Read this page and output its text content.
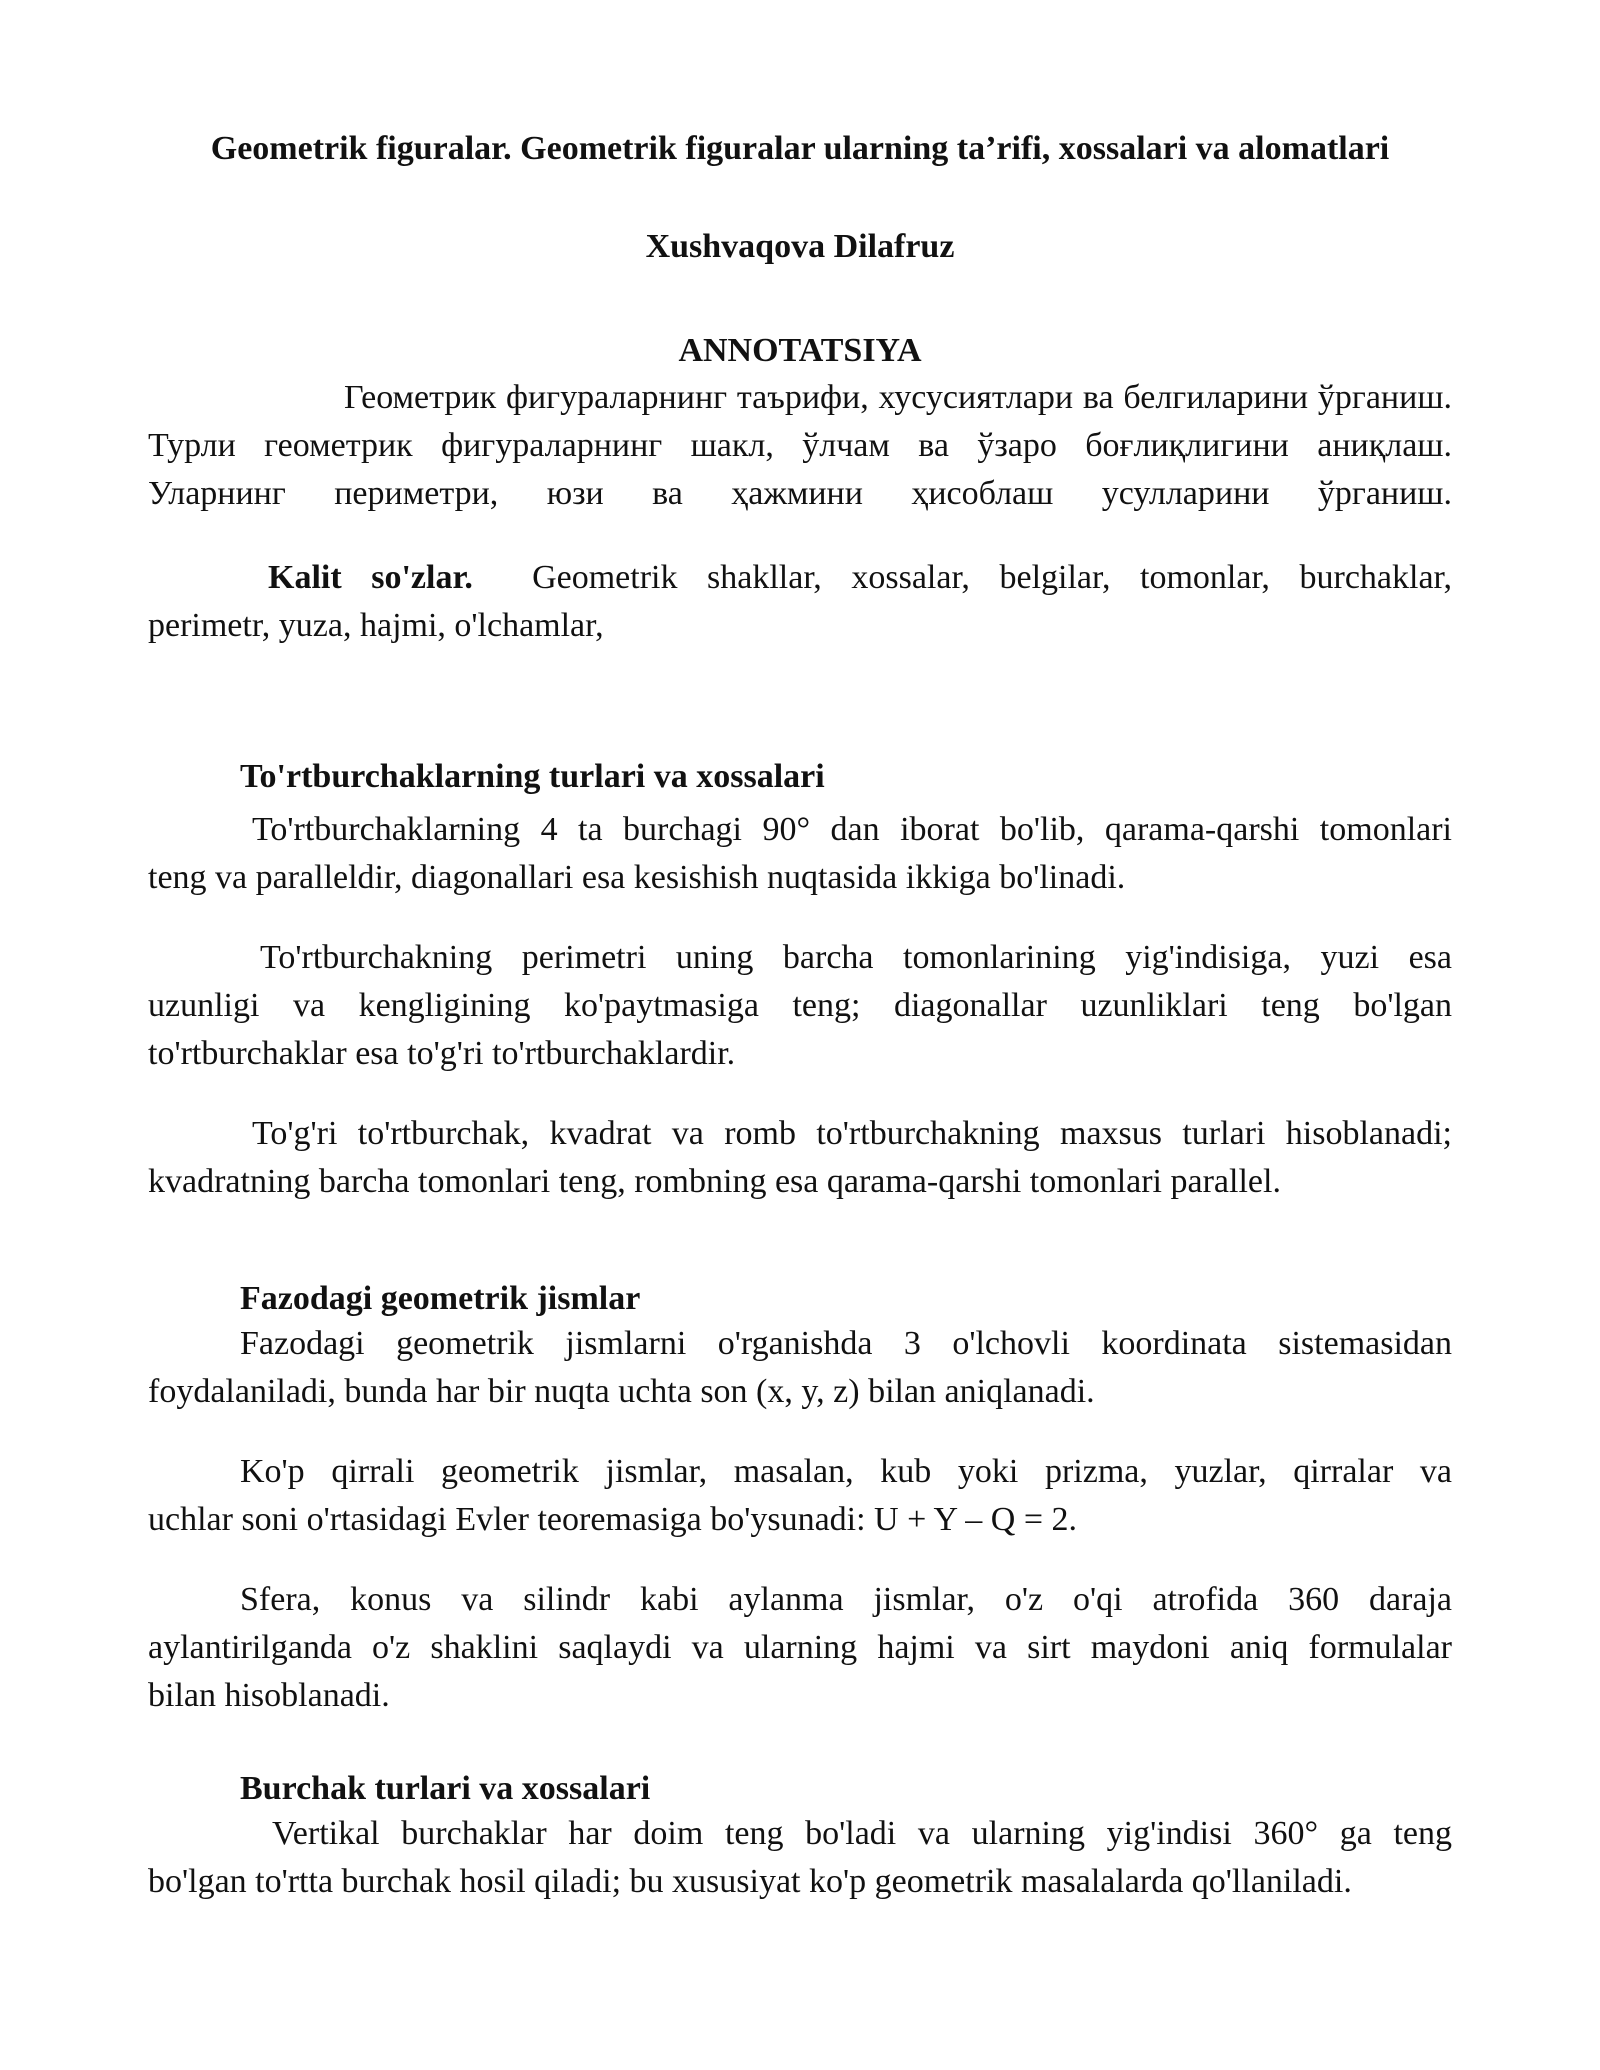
Geometrik figuralar. Geometrik figuralar ularning ta’rifi, xossalari va alomatlari
Xushvaqova Dilafruz
ANNOTATSIYA
Геометрик фигураларнинг таърифи, хусусиятлари ва белгиларини ўрганиш.
Турли геометрик фигураларнинг шакл, ўлчам ва ўзаро боғлиқлигини аниқлаш.
Уларнинг периметри, юзи ва ҳажмини ҳисоблаш усулларини ўрганиш.
Kalit so'zlar. Geometrik shakllar, xossalar, belgilar, tomonlar, burchaklar,
perimetr, yuza, hajmi, o'lchamlar,
To'rtburchaklarning turlari va xossalari
To'rtburchaklarning 4 ta burchagi 90° dan iborat bo'lib, qarama-qarshi tomonlari
teng va paralleldir, diagonallari esa kesishish nuqtasida ikkiga bo'linadi.
To'rtburchakning perimetri uning barcha tomonlarining yig'indisiga, yuzi esa
uzunligi va kengligining ko'paytmasiga teng; diagonallar uzunliklari teng bo'lgan
to'rtburchaklar esa to'g'ri to'rtburchaklardir.
To'g'ri to'rtburchak, kvadrat va romb to'rtburchakning maxsus turlari hisoblanadi;
kvadratning barcha tomonlari teng, rombning esa qarama-qarshi tomonlari parallel.
Fazodagi geometrik jismlar
Fazodagi geometrik jismlarni o'rganishda 3 o'lchovli koordinata sistemasidan
foydalaniladi, bunda har bir nuqta uchta son (x, y, z) bilan aniqlanadi.
Ko'p qirrali geometrik jismlar, masalan, kub yoki prizma, yuzlar, qirralar va
uchlar soni o'rtasidagi Evler teoremasiga bo'ysunadi: U + Y – Q = 2.
Sfera, konus va silindr kabi aylanma jismlar, o'z o'qi atrofida 360 daraja
aylantirilganda o'z shaklini saqlaydi va ularning hajmi va sirt maydoni aniq formulalar
bilan hisoblanadi.
Burchak turlari va xossalari
Vertikal burchaklar har doim teng bo'ladi va ularning yig'indisi 360° ga teng
bo'lgan to'rtta burchak hosil qiladi; bu xususiyat ko'p geometrik masalalarda qo'llaniladi.
